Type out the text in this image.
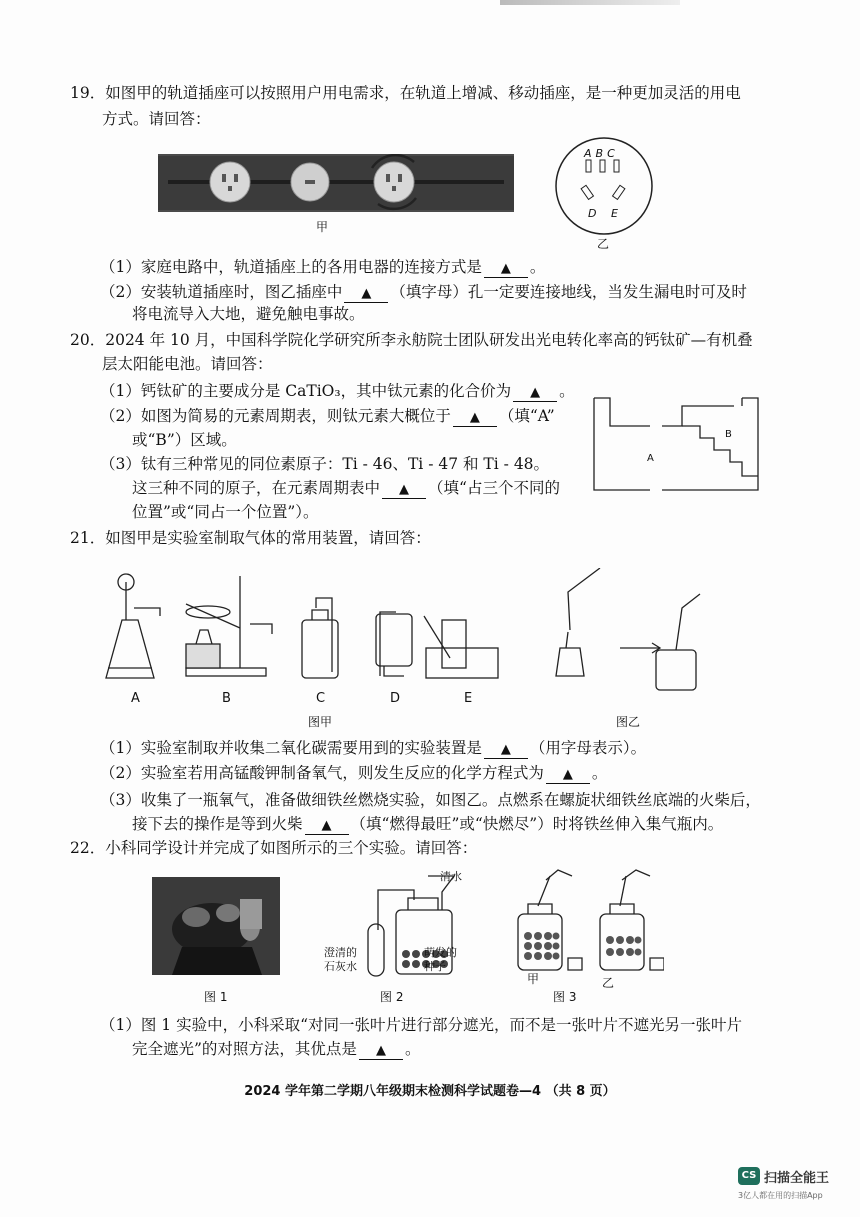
19．如图甲的轨道插座可以按照用户用电需求，在轨道上增减、移动插座，是一种更加灵活的用电
方式。请回答：
甲
ABC
D E
乙
（1）家庭电路中，轨道插座上的各用电器的连接方式是 ▲ 。
（2）安装轨道插座时，图乙插座中 ▲ （填字母）孔一定要连接地线，当发生漏电时可及时
将电流导入大地，避免触电事故。
20．2024 年 10 月，中国科学院化学研究所李永舫院士团队研发出光电转化率高的钙钛矿—有机叠
层太阳能电池。请回答：
（1）钙钛矿的主要成分是 CaTiO₃，其中钛元素的化合价为 ▲ 。
（2）如图为简易的元素周期表，则钛元素大概位于 ▲ （填“A”
或“B”）区域。
（3）钛有三种常见的同位素原子：Ti - 46、Ti - 47 和 Ti - 48。
这三种不同的原子，在元素周期表中 ▲ （填“占三个不同的
位置”或“同占一个位置”）。
A
B
21．如图甲是实验室制取气体的常用装置，请回答：
A	B	C	D	E
图甲	图乙
（1）实验室制取并收集二氧化碳需要用到的实验装置是 ▲ （用字母表示）。
（2）实验室若用高锰酸钾制备氧气，则发生反应的化学方程式为 ▲ 。
（3）收集了一瓶氧气，准备做细铁丝燃烧实验，如图乙。点燃系在螺旋状细铁丝底端的火柴后，
接下去的操作是等到火柴 ▲ （填“燃得最旺”或“快燃尽”）时将铁丝伸入集气瓶内。
22．小科同学设计并完成了如图所示的三个实验。请回答：
图 1
清水
澄清的
石灰水
萌发的
种子
图 2
甲	乙
图 3
（1）图 1 实验中，小科采取“对同一张叶片进行部分遮光，而不是一张叶片不遮光另一张叶片
完全遮光”的对照方法，其优点是 ▲ 。
2024 学年第二学期八年级期末检测科学试题卷—4 （共 8 页）
CS 扫描全能王
3亿人都在用的扫描App
